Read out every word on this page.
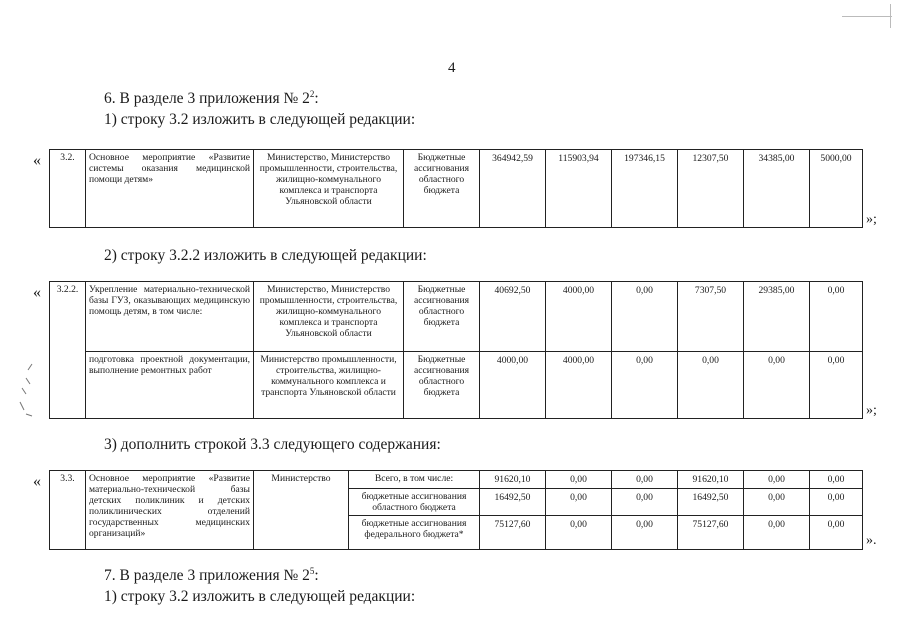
4
6. В разделе 3 приложения № $2^2$:
1) строку 3.2 изложить в следующей редакции:
« 3.2.	Основное мероприятие «Развитие системы оказания медицинской помощи детям»	Министерство, Министерство промышленности, строительства, жилищно-коммунального комплекса и транспорта Ульяновской области	Бюджетные ассигнования областного бюджета	364942,59	115903,94	197346,15	12307,50	34385,00	5000,00
»;
2) строку 3.2.2 изложить в следующей редакции:
« 3.2.2.	Укрепление материально-технической базы ГУЗ, оказывающих медицинскую помощь детям, в том числе:	Министерство, Министерство промышленности, строительства, жилищно-коммунального комплекса и транспорта Ульяновской области	Бюджетные ассигнования областного бюджета	40692,50	4000,00	0,00	7307,50	29385,00	0,00
	подготовка проектной документации, выполнение ремонтных работ	Министерство промышленности, строительства, жилищно-коммунального комплекса и транспорта Ульяновской области	Бюджетные ассигнования областного бюджета	4000,00	4000,00	0,00	0,00	0,00	0,00
»;
3) дополнить строкой 3.3 следующего содержания:
« 3.3.	Основное мероприятие «Развитие материально-технической базы детских поликлиник и детских поликлинических отделений государственных медицинских организаций»	Министерство	Всего, в том числе:	91620,10	0,00	0,00	91620,10	0,00	0,00
			бюджетные ассигнования областного бюджета	16492,50	0,00	0,00	16492,50	0,00	0,00
			бюджетные ассигнования федерального бюджета*	75127,60	0,00	0,00	75127,60	0,00	0,00
».
7. В разделе 3 приложения № $2^5$:
1) строку 3.2 изложить в следующей редакции:
